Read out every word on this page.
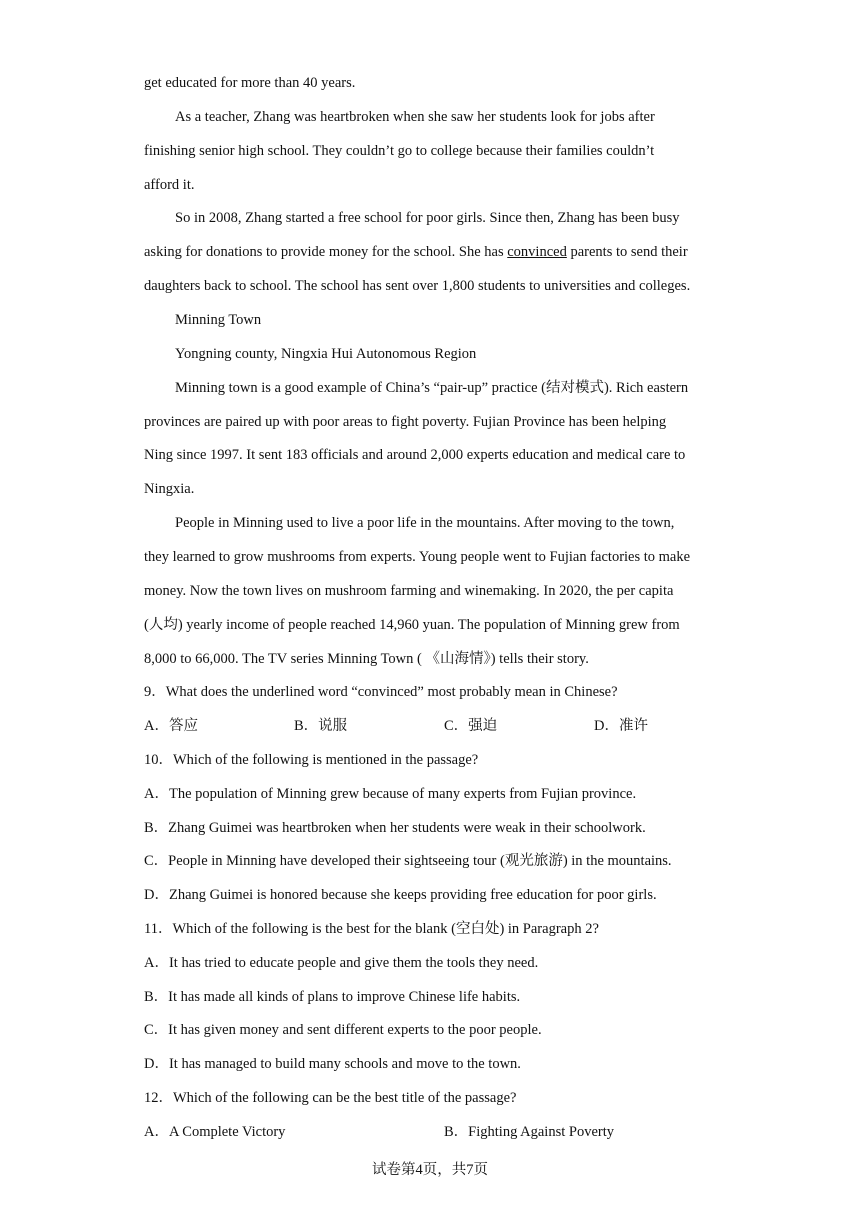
get educated for more than 40 years.
As a teacher, Zhang was heartbroken when she saw her students look for jobs after
finishing senior high school. They couldn’t go to college because their families couldn’t
afford it.
So in 2008, Zhang started a free school for poor girls. Since then, Zhang has been busy
asking for donations to provide money for the school. She has convinced parents to send their
daughters back to school. The school has sent over 1,800 students to universities and colleges.
Minning Town
Yongning county, Ningxia Hui Autonomous Region
Minning town is a good example of China’s “pair-up” practice (结对模式). Rich eastern
provinces are paired up with poor areas to fight poverty. Fujian Province has been helping
Ning since 1997. It sent 183 officials and around 2,000 experts education and medical care to
Ningxia.
People in Minning used to live a poor life in the mountains. After moving to the town,
they learned to grow mushrooms from experts. Young people went to Fujian factories to make
money. Now the town lives on mushroom farming and winemaking. In 2020, the per capita
(人均) yearly income of people reached 14,960 yuan. The population of Minning grew from
8,000 to 66,000. The TV series Minning Town ( 《山海情》) tells their story.
9．What does the underlined word “convinced” most probably mean in Chinese?
A．答应	B．说服	C．强迫	D．准许
10．Which of the following is mentioned in the passage?
A．The population of Minning grew because of many experts from Fujian province.
B．Zhang Guimei was heartbroken when her students were weak in their schoolwork.
C．People in Minning have developed their sightseeing tour (观光旅游) in the mountains.
D．Zhang Guimei is honored because she keeps providing free education for poor girls.
11．Which of the following is the best for the blank (空白处) in Paragraph 2?
A．It has tried to educate people and give them the tools they need.
B．It has made all kinds of plans to improve Chinese life habits.
C．It has given money and sent different experts to the poor people.
D．It has managed to build many schools and move to the town.
12．Which of the following can be the best title of the passage?
A．A Complete Victory	B．Fighting Against Poverty
试卷第4页，共7页
